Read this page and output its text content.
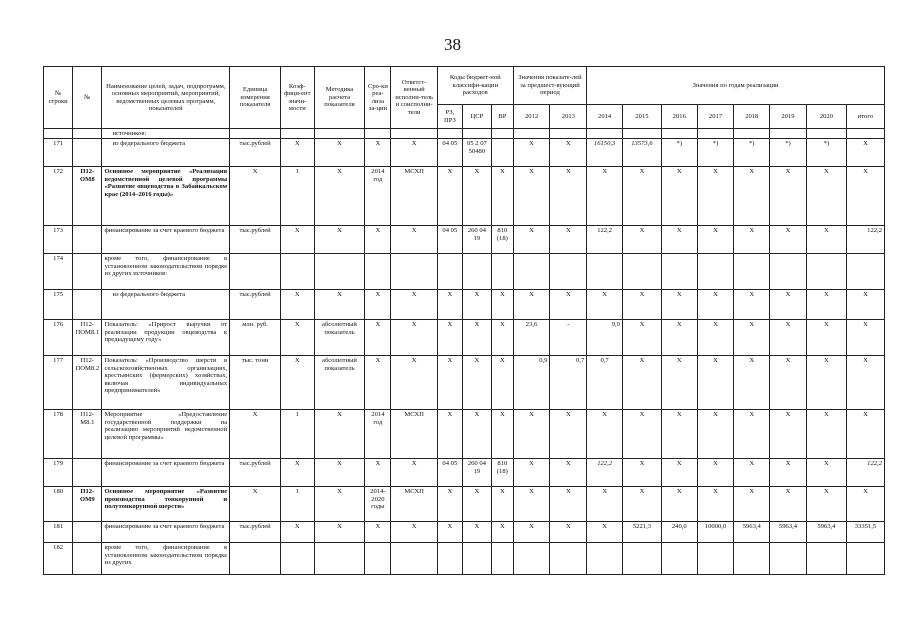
38
№ строки	№	Наименование целей, задач, подпрограмм, основных мероприятий, мероприятий, ведомственных целевых программ, показателей	Единица измерения показателя	Коэф-фици-ент значи-мости	Методика расчета показателя	Сро-ки реа-лиза за-ции	Ответст-венный исполни-тель и соисполни-тели	Коды бюджет-ной классифи-кации расходов			Значения показате-лей за предшест-вующий период		Значения по годам реализации							
								РЗ, ПРЗ	ЦСР	ВР	2012	2013	2014	2015	2016	2017	2018	2019	2020	итого
		источников:																		
171		из федерального бюджета	тыс.рублей	Х	Х	Х	Х	04 05	05 2 07 50480		Х	Х	16150,3	13573,6	*)	*)	*)	*)	*)	Х
172	П12-ОМ8	Основное мероприятие «Реализация ведомственной целевой программы «Развитие овцеводства в Забайкальском крае (2014–2016 годы)»	Х	1	Х	2014 год	МСХП	Х	Х	Х	Х	Х	Х	Х	Х	Х	Х	Х	Х	Х
173		финансирование за счет краевого бюджета	тыс.рублей	Х	Х	Х	Х	04 05	260 04 19	810 (18)	Х	Х	122,2	Х	Х	Х	Х	Х	Х	122,2
174		кроме того, финансирование в установленном законодательством порядке из других источников:																		
175		из федерального бюджета	тыс.рублей	Х	Х	Х	Х	Х	Х	Х	Х	Х	Х	Х	Х	Х	Х	Х	Х	Х
176	П12-ПОМ8.1	Показатель: «Прирост выручки от реализации продукции овцеводства к предыдущему году»	млн. руб.	Х	абсолютный показатель	Х	Х	Х	Х	Х	23,6	-	9,9	Х	Х	Х	Х	Х	Х	Х
177	П12-ПОМ8.2	Показатель: «Производство шерсти в сельскохозяйственных организациях, крестьянских (фермерских) хозяйствах, включая индивидуальных предпринимателей»	тыс. тонн	Х	абсолютный показатель	Х	Х	Х	Х	Х	0,9	0,7	0,7	Х	Х	Х	Х	Х	Х	Х
178	П12-М8.1	Мероприятие «Предоставление государственной поддержки на реализацию мероприятий ведомственной целевой программы»	Х	1	Х	2014 год	МСХП	Х	Х	Х	Х	Х	Х	Х	Х	Х	Х	Х	Х	Х
179		финансирование за счет краевого бюджета	тыс.рублей	Х	Х	Х	Х	04 05	260 04 19	810 (18)	Х	Х	122,2	Х	Х	Х	Х	Х	Х	122,2
180	П12-ОМ9	Основное мероприятие «Развитие производства тонкорунной и полутонкорунной шерсти»	Х	1	Х	2014-2020 годы	МСХП	Х	Х	Х	Х	Х	Х	Х	Х	Х	Х	Х	Х	Х
181		финансирование за счет краевого бюджета	тыс.рублей	Х	Х	Х	Х	Х	Х	Х	Х	Х	Х	5221,3	240,0	10000,0	5963,4	5963,4	5963,4	33351,5
182		кроме того, финансирование в установленном законодательством порядке из других																		
